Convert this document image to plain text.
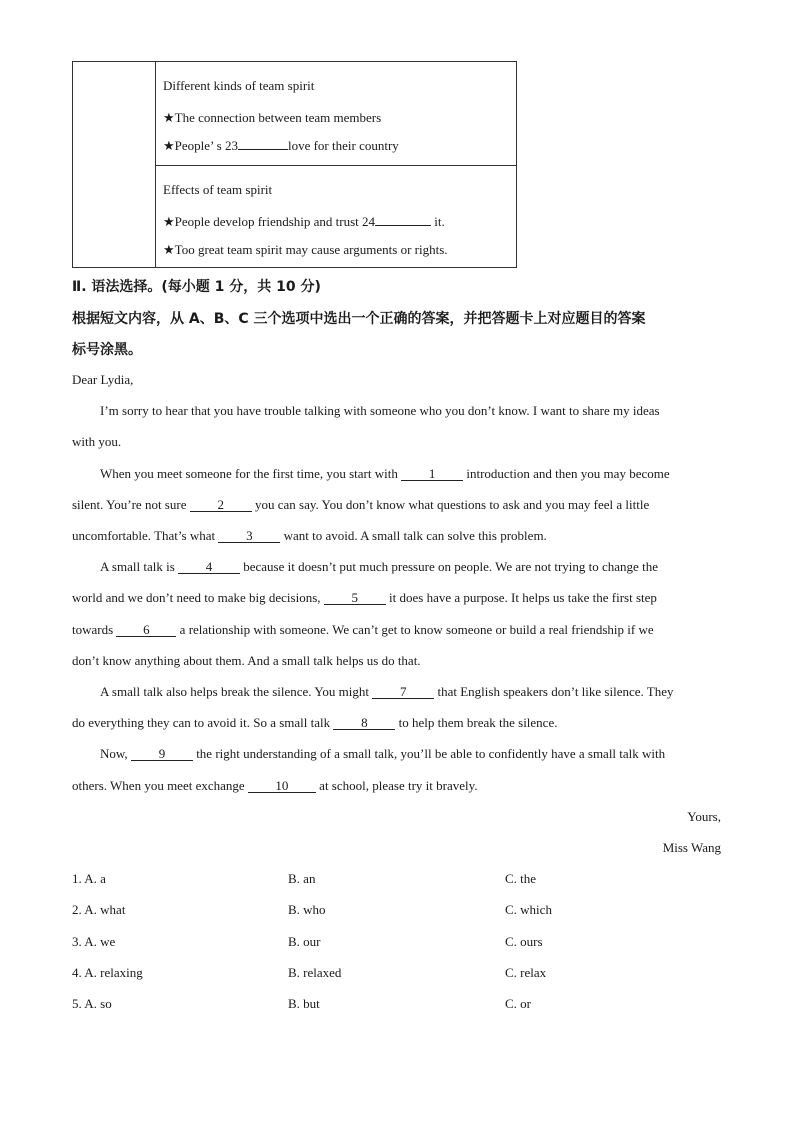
Different kinds of team spirit
★The connection between team members
★People’ s 23	love for their country
Effects of team spirit
★People develop friendship and trust 24	it.
★Too great team spirit may cause arguments or rights.
Ⅱ. 语法选择。(每小题 1 分，共 10 分)
根据短文内容，从 A、B、C 三个选项中选出一个正确的答案，并把答题卡上对应题目的答案
标号涂黑。
Dear Lydia,
I’m sorry to hear that you have trouble talking with someone who you don’t know. I want to share my ideas
with you.
When you meet someone for the first time, you start with 1 introduction and then you may become
silent. You’re not sure 2 you can say. You don’t know what questions to ask and you may feel a little
uncomfortable. That’s what 3 want to avoid. A small talk can solve this problem.
A small talk is 4 because it doesn’t put much pressure on people. We are not trying to change the
world and we don’t need to make big decisions, 5 it does have a purpose. It helps us take the first step
towards 6 a relationship with someone. We can’t get to know someone or build a real friendship if we
don’t know anything about them. And a small talk helps us do that.
A small talk also helps break the silence. You might 7 that English speakers don’t like silence. They
do everything they can to avoid it. So a small talk 8 to help them break the silence.
Now, 9 the right understanding of a small talk, you’ll be able to confidently have a small talk with
others. When you meet exchange 10 at school, please try it bravely.
Yours,
Miss Wang
1. A. a	B. an	C. the
2. A. what	B. who	C. which
3. A. we	B. our	C. ours
4. A. relaxing	B. relaxed	C. relax
5. A. so	B. but	C. or
